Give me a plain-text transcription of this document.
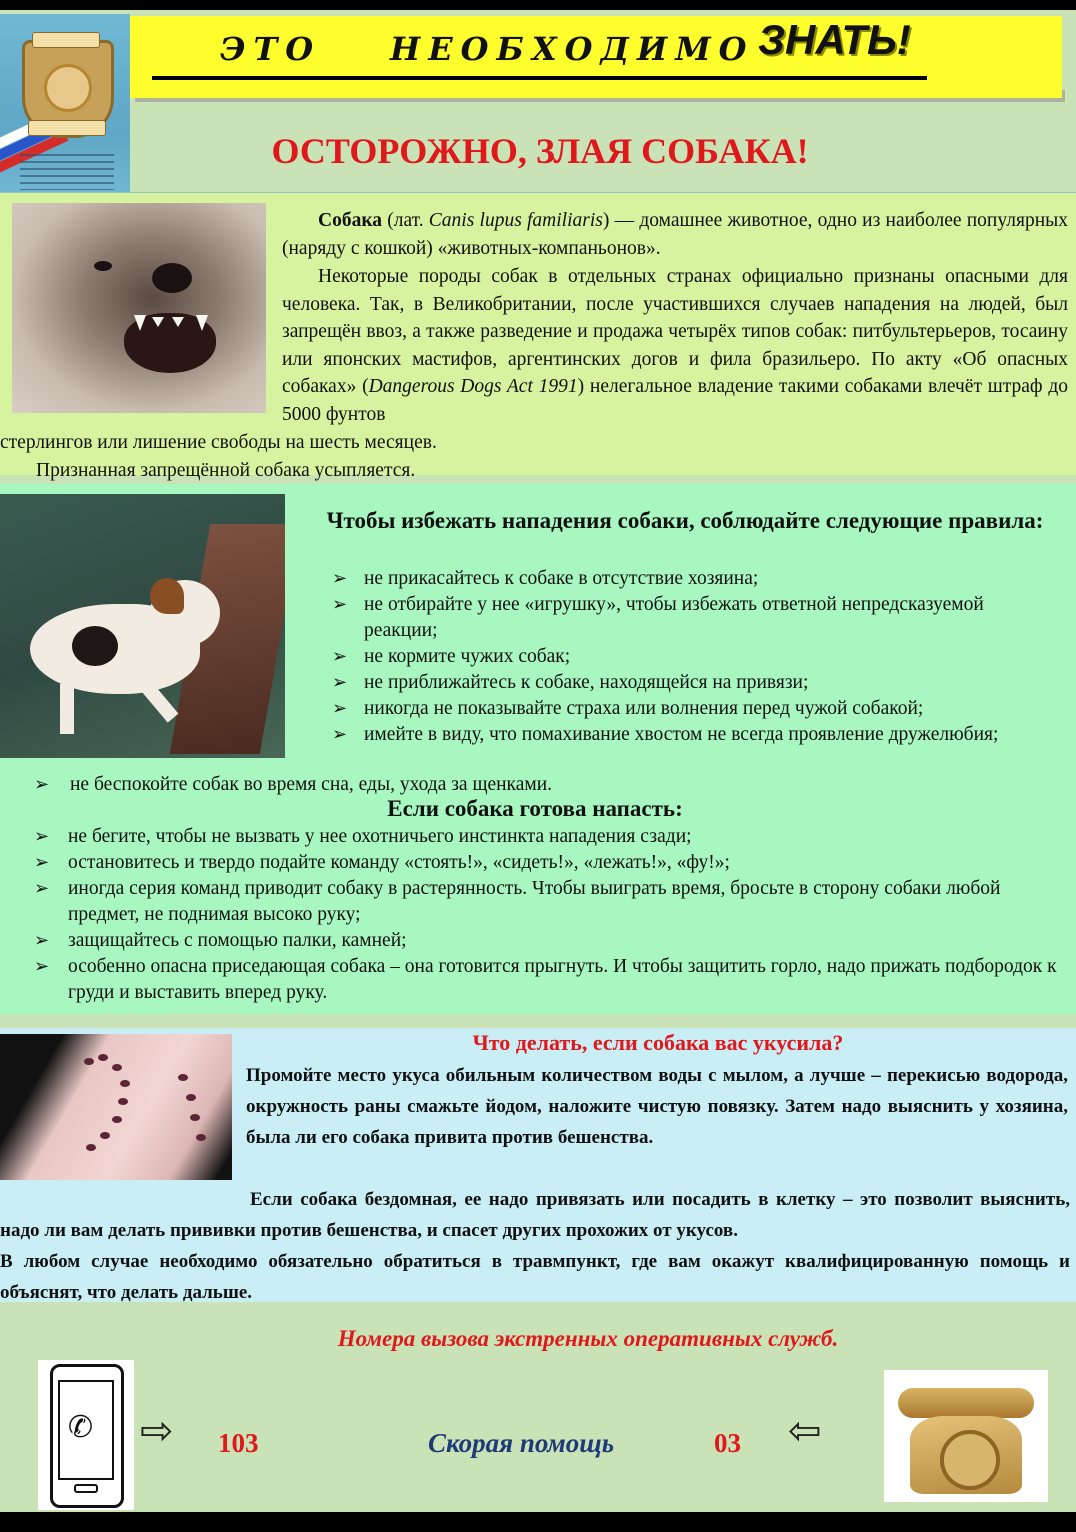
ЭТО НЕОБХОДИМО ЗНАТЬ!
ОСТОРОЖНО, ЗЛАЯ СОБАКА!
Собака (лат. Canis lupus familiaris) — домашнее животное, одно из наиболее популярных (наряду с кошкой) «животных-компаньонов».
Некоторые породы собак в отдельных странах официально признаны опасными для человека. Так, в Великобритании, после участившихся случаев нападения на людей, был запрещён ввоз, а также разведение и продажа четырёх типов собак: питбультерьеров, тосаину или японских мастифов, аргентинских догов и фила бразильеро. По акту «Об опасных собаках» (Dangerous Dogs Act 1991) нелегальное владение такими собаками влечёт штраф до 5000 фунтов
стерлингов или лишение свободы на шесть месяцев.
Признанная запрещённой собака усыпляется.
Чтобы избежать нападения собаки, соблюдайте следующие правила:
➢ не прикасайтесь к собаке в отсутствие хозяина;
➢ не отбирайте у нее «игрушку», чтобы избежать ответной непредсказуемой реакции;
➢ не кормите чужих собак;
➢ не приближайтесь к собаке, находящейся на привязи;
➢ никогда не показывайте страха или волнения перед чужой собакой;
➢ имейте в виду, что помахивание хвостом не всегда проявление дружелюбия;
➢ не беспокойте собак во время сна, еды, ухода за щенками.
Если собака готова напасть:
➢ не бегите, чтобы не вызвать у нее охотничьего инстинкта нападения сзади;
➢ остановитесь и твердо подайте команду «стоять!», «сидеть!», «лежать!», «фу!»;
➢ иногда серия команд приводит собаку в растерянность. Чтобы выиграть время, бросьте в сторону собаки любой предмет, не поднимая высоко руку;
➢ защищайтесь с помощью палки, камней;
➢ особенно опасна приседающая собака – она готовится прыгнуть. И чтобы защитить горло, надо прижать подбородок к груди и выставить вперед руку.
Что делать, если собака вас укусила?
Промойте место укуса обильным количеством воды с мылом, а лучше – перекисью водорода, окружность раны смажьте йодом, наложите чистую повязку. Затем надо выяснить у хозяина, была ли его собака привита против бешенства.
Если собака бездомная, ее надо привязать или посадить в клетку – это позволит выяснить, надо ли вам делать прививки против бешенства, и спасет других прохожих от укусов.
В любом случае необходимо обязательно обратиться в травмпункт, где вам окажут квалифицированную помощь и объяснят, что делать дальше.
Номера вызова экстренных оперативных служб.
✆ ⇨ 103	Скорая помощь	03 ⇦
